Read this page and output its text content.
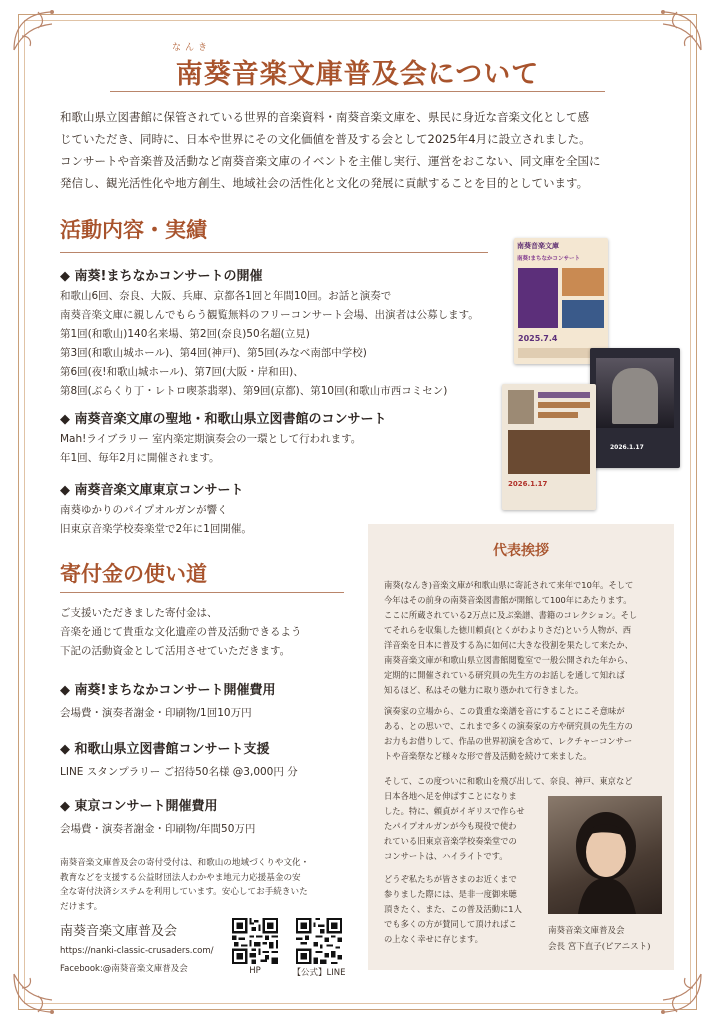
なんき
南葵音楽文庫普及会について

和歌山県立図書館に保管されている世界的音楽資料・南葵音楽文庫を、県民に身近な音楽文化として感
じていただき、同時に、日本や世界にその文化価値を普及する会として2025年4月に設立されました。
コンサートや音楽普及活動など南葵音楽文庫のイベントを主催し実行、運営をおこない、同文庫を全国に
発信し、観光活性化や地方創生、地域社会の活性化と文化の発展に貢献することを目的としています。

活動内容・実績

◆ 南葵!まちなかコンサートの開催

和歌山6回、奈良、大阪、兵庫、京都各1回と年間10回。お話と演奏で
南葵音楽文庫に親しんでもらう観覧無料のフリーコンサート会場、出演者は公募します。
第1回(和歌山)140名来場、第2回(奈良)50名超(立見)
第3回(和歌山城ホール)、第4回(神戸)、第5回(みなべ南部中学校)
第6回(夜!和歌山城ホール)、第7回(大阪・岸和田)、
第8回(ぶらくり丁・レトロ喫茶翡翠)、第9回(京都)、第10回(和歌山市西コミセン)

◆ 南葵音楽文庫の聖地・和歌山県立図書館のコンサート

Mah!ライブラリー 室内楽定期演奏会の一環として行われます。
年1回、毎年2月に開催されます。

◆ 南葵音楽文庫東京コンサート

南葵ゆかりのパイプオルガンが響く
旧東京音楽学校奏楽堂で2年に1回開催。

南葵音楽文庫
南葵!まちなかコンサート
2025.7.4
2026.1.17
2026.1.17
寄付金の使い道

ご支援いただきました寄付金は、
音楽を通じて貴重な文化遺産の普及活動できるよう
下記の活動資金として活用させていただきます。

◆ 南葵!まちなかコンサート開催費用

会場費・演奏者謝金・印刷物/1回10万円

◆ 和歌山県立図書館コンサート支援

LINE スタンプラリー ご招待50名様 @3,000円 分

◆ 東京コンサート開催費用

会場費・演奏者謝金・印刷物/年間50万円

南葵音楽文庫普及会の寄付受付は、和歌山の地域づくりや文化・
教育などを支援する公益財団法人わかやま地元力応援基金の安
全な寄付決済システムを利用しています。安心してお手続きいた
だけます。

南葵音楽文庫普及会

https://nanki-classic-crusaders.com/

Facebook:@南葵音楽文庫普及会	HP	【公式】LINE

代表挨拶

南葵(なんき)音楽文庫が和歌山県に寄託されて来年で10年。そして
今年はその前身の南葵音楽図書館が開館して100年にあたります。
ここに所蔵されている2万点に及ぶ楽譜、書籍のコレクション。そし
てそれらを収集した徳川頼貞(とくがわよりさだ)という人物が、西
洋音楽を日本に普及する為に如何に大きな役割を果たして来たか、
南葵音楽文庫が和歌山県立図書館閲覧室で一般公開された年から、
定期的に開催されている研究員の先生方のお話しを通して知れば
知るほど、私はその魅力に取り憑かれて行きました。

演奏家の立場から、この貴重な楽譜を音にすることにこそ意味が
ある、との思いで、これまで多くの演奏家の方や研究員の先生方の
お力もお借りして、作品の世界初演を含めて、レクチャーコンサー
トや音楽祭など様々な形で普及活動を続けて来ました。

そして、この度ついに和歌山を飛び出して、奈良、神戸、東京など
日本各地へ足を伸ばすことになりま
した。特に、頼貞がイギリスで作らせ
たパイプオルガンが今も現役で使わ
れている旧東京音楽学校奏楽堂での
コンサートは、ハイライトです。

どうぞ私たちが皆さまのお近くまで
参りました際には、是非一度御来聴
頂きたく、また、この普及活動に1人
でも多くの方が賛同して頂ければこ
の上なく幸せに存じます。

南葵音楽文庫普及会

会長 宮下直子(ピアニスト)
